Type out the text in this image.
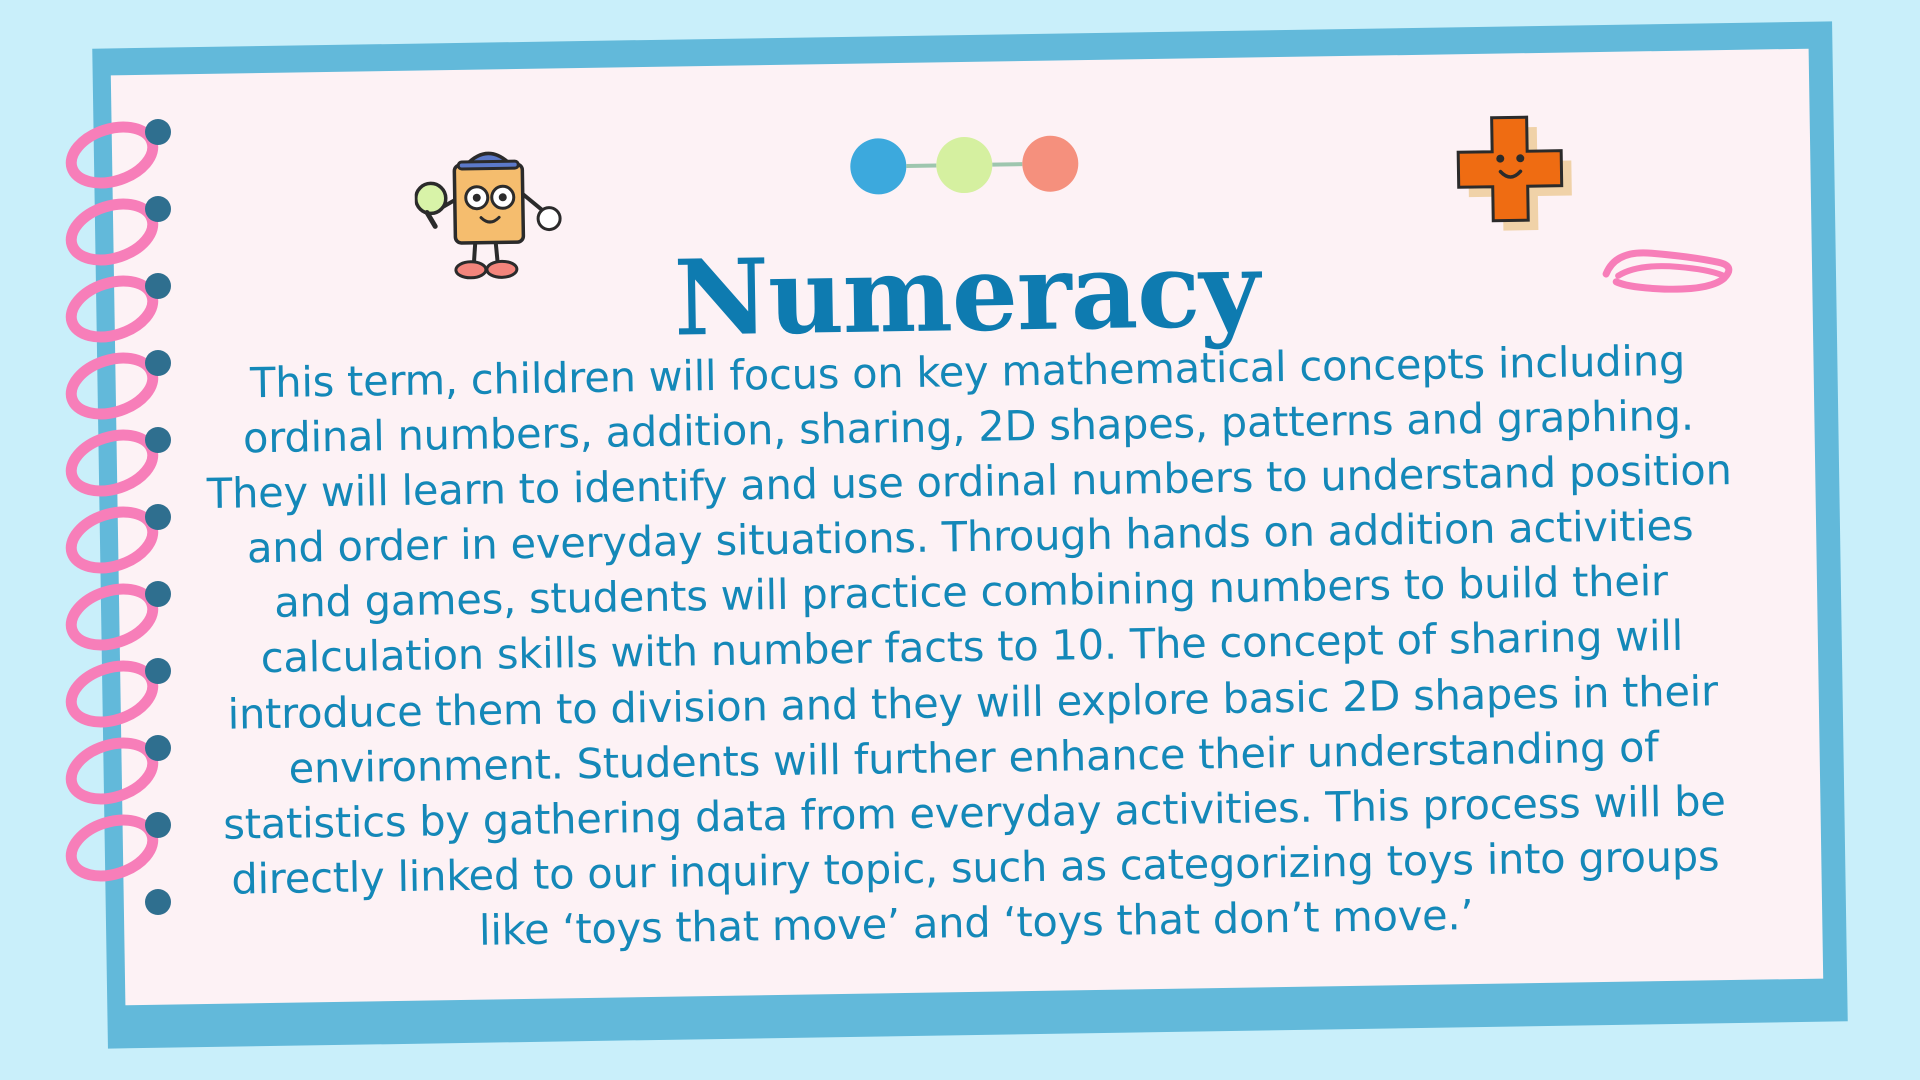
Numeracy

This term, children will focus on key mathematical concepts including ordinal numbers, addition, sharing, 2D shapes, patterns and graphing. They will learn to identify and use ordinal numbers to understand position and order in everyday situations. Through hands on addition activities and games, students will practice combining numbers to build their calculation skills with number facts to 10. The concept of sharing will introduce them to division and they will explore basic 2D shapes in their environment. Students will further enhance their understanding of statistics by gathering data from everyday activities. This process will be directly linked to our inquiry topic, such as categorizing toys into groups like ‘toys that move’ and ‘toys that don’t move.’
